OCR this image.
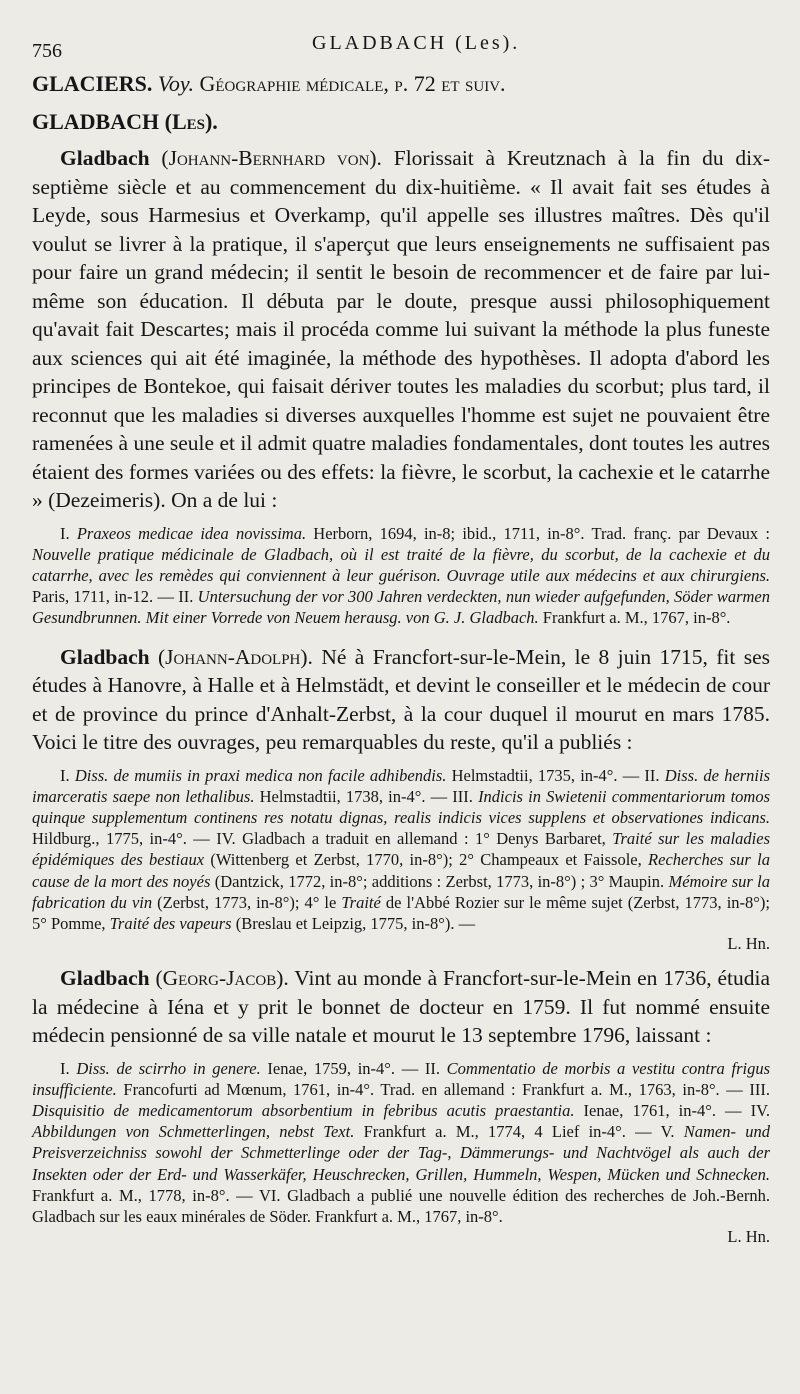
756	GLADBACH (Les).

GLACIERS. Voy. Géographie médicale, p. 72 et suiv.

GLADBACH (Les).

Gladbach (Johann-Bernhard von). Florissait à Kreutznach à la fin du dix-septième siècle et au commencement du dix-huitième. « Il avait fait ses études à Leyde, sous Harmesius et Overkamp, qu'il appelle ses illustres maîtres. Dès qu'il voulut se livrer à la pratique, il s'aperçut que leurs enseignements ne suffisaient pas pour faire un grand médecin; il sentit le besoin de recommencer et de faire par lui-même son éducation. Il débuta par le doute, presque aussi philosophiquement qu'avait fait Descartes; mais il procéda comme lui suivant la méthode la plus funeste aux sciences qui ait été imaginée, la méthode des hypothèses. Il adopta d'abord les principes de Bontekoe, qui faisait dériver toutes les maladies du scorbut; plus tard, il reconnut que les maladies si diverses auxquelles l'homme est sujet ne pouvaient être ramenées à une seule et il admit quatre maladies fondamentales, dont toutes les autres étaient des formes variées ou des effets: la fièvre, le scorbut, la cachexie et le catarrhe » (Dezeimeris). On a de lui :

I. Praxeos medicae idea novissima. Herborn, 1694, in-8; ibid., 1711, in-8°. Trad. franç. par Devaux : Nouvelle pratique médicinale de Gladbach, où il est traité de la fièvre, du scorbut, de la cachexie et du catarrhe, avec les remèdes qui conviennent à leur guérison. Ouvrage utile aux médecins et aux chirurgiens. Paris, 1711, in-12. — II. Untersuchung der vor 300 Jahren verdeckten, nun wieder aufgefunden, Söder warmen Gesundbrunnen. Mit einer Vorrede von Neuem herausg. von G. J. Gladbach. Frankfurt a. M., 1767, in-8°.

Gladbach (Johann-Adolph). Né à Francfort-sur-le-Mein, le 8 juin 1715, fit ses études à Hanovre, à Halle et à Helmstädt, et devint le conseiller et le médecin de cour et de province du prince d'Anhalt-Zerbst, à la cour duquel il mourut en mars 1785. Voici le titre des ouvrages, peu remarquables du reste, qu'il a publiés :

I. Diss. de mumiis in praxi medica non facile adhibendis. Helmstadtii, 1735, in-4°. — II. Diss. de herniis imarceratis saepe non lethalibus. Helmstadtii, 1738, in-4°. — III. Indicis in Swietenii commentariorum tomos quinque supplementum continens res notatu dignas, realis indicis vices supplens et observationes indicans. Hildburg., 1775, in-4°. — IV. Gladbach a traduit en allemand : 1° Denys Barbaret, Traité sur les maladies épidémiques des bestiaux (Wittenberg et Zerbst, 1770, in-8°); 2° Champeaux et Faissole, Recherches sur la cause de la mort des noyés (Dantzick, 1772, in-8°; additions : Zerbst, 1773, in-8°) ; 3° Maupin. Mémoire sur la fabrication du vin (Zerbst, 1773, in-8°); 4° le Traité de l'Abbé Rozier sur le même sujet (Zerbst, 1773, in-8°); 5° Pomme, Traité des vapeurs (Breslau et Leipzig, 1775, in-8°). —

L. Hn.

Gladbach (Georg-Jacob). Vint au monde à Francfort-sur-le-Mein en 1736, étudia la médecine à Iéna et y prit le bonnet de docteur en 1759. Il fut nommé ensuite médecin pensionné de sa ville natale et mourut le 13 septembre 1796, laissant :

I. Diss. de scirrho in genere. Ienae, 1759, in-4°. — II. Commentatio de morbis a vestitu contra frigus insufficiente. Francofurti ad Mœnum, 1761, in-4°. Trad. en allemand : Frankfurt a. M., 1763, in-8°. — III. Disquisitio de medicamentorum absorbentium in febribus acutis praestantia. Ienae, 1761, in-4°. — IV. Abbildungen von Schmetterlingen, nebst Text. Frankfurt a. M., 1774, 4 Lief in-4°. — V. Namen- und Preisverzeichniss sowohl der Schmetterlinge oder der Tag-, Dämmerungs- und Nachtvögel als auch der Insekten oder der Erd- und Wasserkäfer, Heuschrecken, Grillen, Hummeln, Wespen, Mücken und Schnecken. Frankfurt a. M., 1778, in-8°. — VI. Gladbach a publié une nouvelle édition des recherches de Joh.-Bernh. Gladbach sur les eaux minérales de Söder. Frankfurt a. M., 1767, in-8°.

L. Hn.
